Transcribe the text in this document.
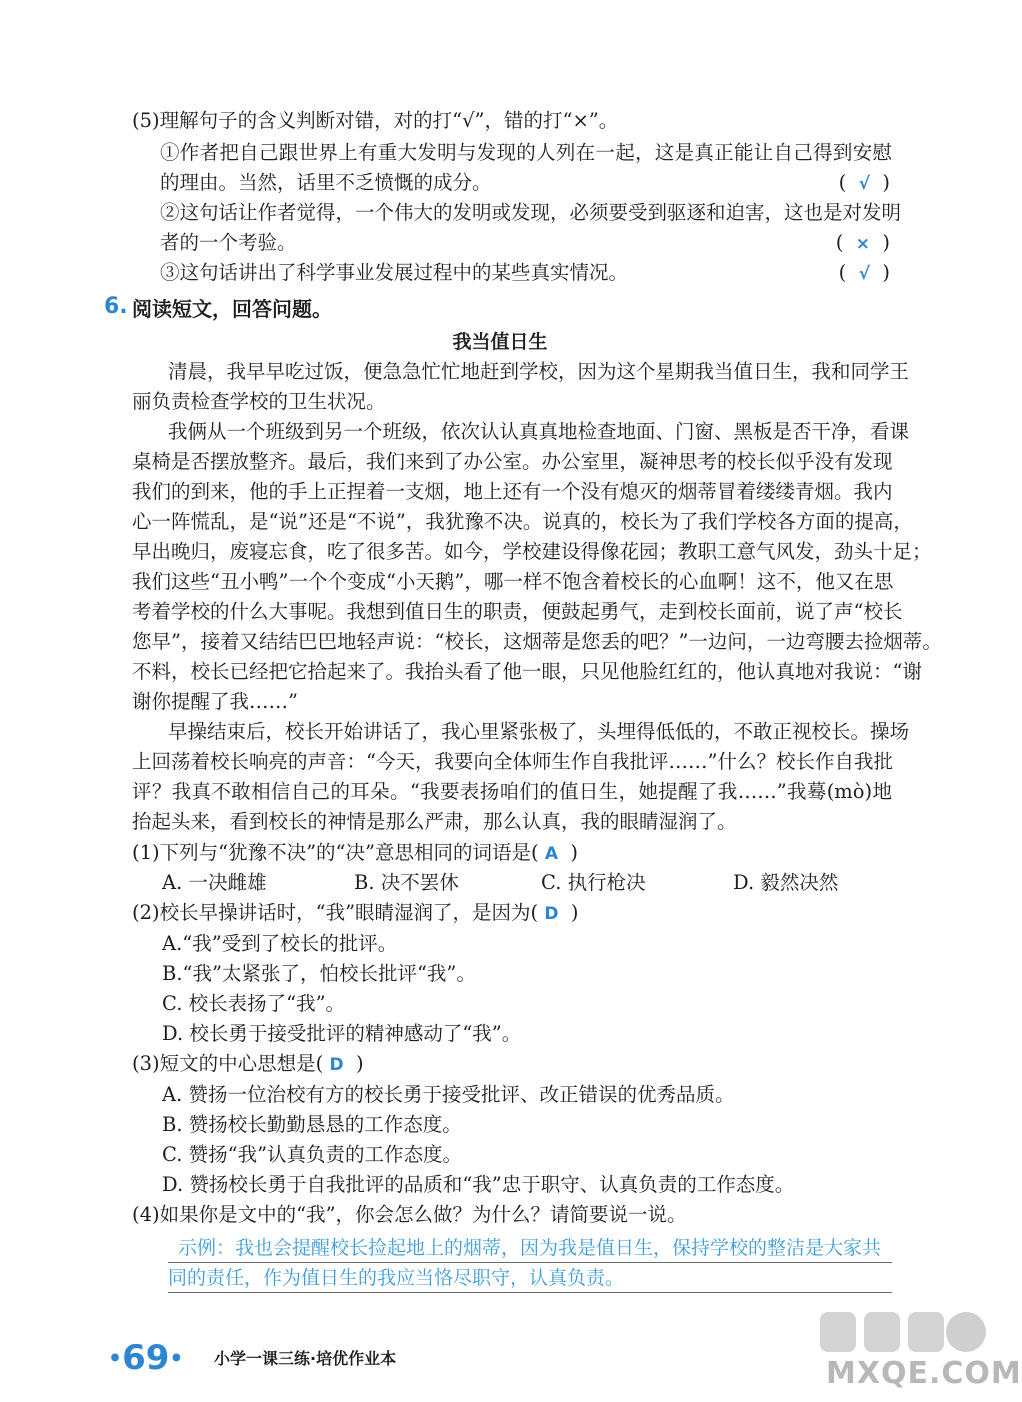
(5)理解句子的含义判断对错，对的打“√”，错的打“×”。
①作者把自己跟世界上有重大发明与发现的人列在一起，这是真正能让自己得到安慰
的理由。当然，话里不乏愤慨的成分。	(  √  )
②这句话让作者觉得，一个伟大的发明或发现，必须要受到驱逐和迫害，这也是对发明
者的一个考验。	(  ×  )
③这句话讲出了科学事业发展过程中的某些真实情况。	(  √  )
6. 阅读短文，回答问题。
我当值日生
清晨，我早早吃过饭，便急急忙忙地赶到学校，因为这个星期我当值日生，我和同学王
丽负责检查学校的卫生状况。
我俩从一个班级到另一个班级，依次认认真真地检查地面、门窗、黑板是否干净，看课
桌椅是否摆放整齐。最后，我们来到了办公室。办公室里，凝神思考的校长似乎没有发现
我们的到来，他的手上正捏着一支烟，地上还有一个没有熄灭的烟蒂冒着缕缕青烟。我内
心一阵慌乱，是“说”还是“不说”，我犹豫不决。说真的，校长为了我们学校各方面的提高，
早出晚归，废寝忘食，吃了很多苦。如今，学校建设得像花园；教职工意气风发，劲头十足；
我们这些“丑小鸭”一个个变成“小天鹅”，哪一样不饱含着校长的心血啊！这不，他又在思
考着学校的什么大事呢。我想到值日生的职责，便鼓起勇气，走到校长面前，说了声“校长
您早”，接着又结结巴巴地轻声说：“校长，这烟蒂是您丢的吧？”一边问，一边弯腰去捡烟蒂。
不料，校长已经把它拾起来了。我抬头看了他一眼，只见他脸红红的，他认真地对我说：“谢
谢你提醒了我……”
早操结束后，校长开始讲话了，我心里紧张极了，头埋得低低的，不敢正视校长。操场
上回荡着校长响亮的声音：“今天，我要向全体师生作自我批评……”什么？校长作自我批
评？我真不敢相信自己的耳朵。“我要表扬咱们的值日生，她提醒了我……”我蓦(mò)地
抬起头来，看到校长的神情是那么严肃，那么认真，我的眼睛湿润了。
(1)下列与“犹豫不决”的“决”意思相同的词语是( A )
A. 一决雌雄	B. 决不罢休	C. 执行枪决	D. 毅然决然
(2)校长早操讲话时，“我”眼睛湿润了，是因为( D )
A.“我”受到了校长的批评。
B.“我”太紧张了，怕校长批评“我”。
C. 校长表扬了“我”。
D. 校长勇于接受批评的精神感动了“我”。
(3)短文的中心思想是( D )
A. 赞扬一位治校有方的校长勇于接受批评、改正错误的优秀品质。
B. 赞扬校长勤勤恳恳的工作态度。
C. 赞扬“我”认真负责的工作态度。
D. 赞扬校长勇于自我批评的品质和“我”忠于职守、认真负责的工作态度。
(4)如果你是文中的“我”，你会怎么做？为什么？请简要说一说。
示例：我也会提醒校长捡起地上的烟蒂，因为我是值日生，保持学校的整洁是大家共
同的责任，作为值日生的我应当恪尽职守，认真负责。
•69• 小学一课三练·培优作业本	MXQE.COM
